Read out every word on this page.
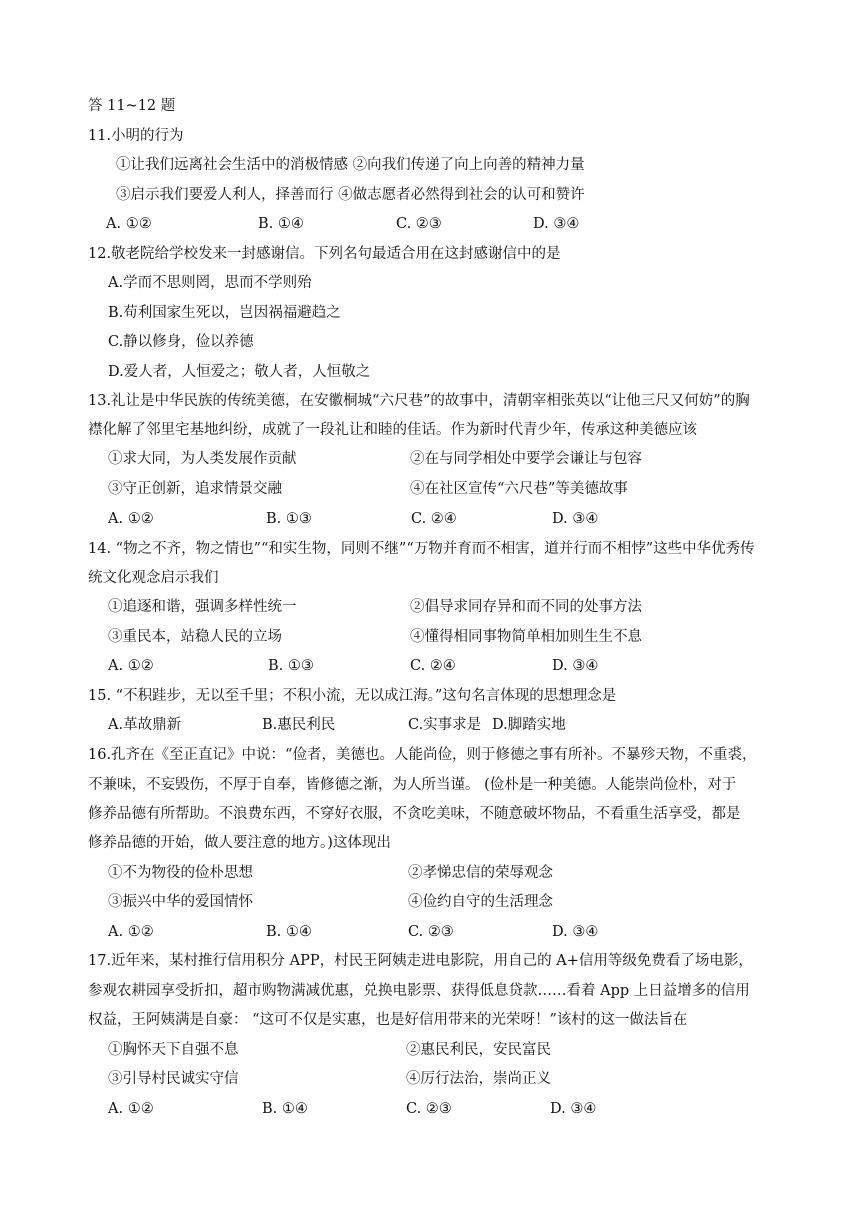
答 11~12 题
11.小明的行为
①让我们远离社会生活中的消极情感 ②向我们传递了向上向善的精神力量
③启示我们要爱人利人，择善而行 ④做志愿者必然得到社会的认可和赞许
A. ①②	B. ①④	C. ②③	D. ③④
12.敬老院给学校发来一封感谢信。下列名句最适合用在这封感谢信中的是
A.学而不思则罔，思而不学则殆
B.苟利国家生死以，岂因祸福避趋之
C.静以修身，俭以养德
D.爱人者，人恒爱之；敬人者，人恒敬之
13.礼让是中华民族的传统美德，在安徽桐城“六尺巷”的故事中，清朝宰相张英以“让他三尺又何妨”的胸
襟化解了邻里宅基地纠纷，成就了一段礼让和睦的佳话。作为新时代青少年，传承这种美德应该
①求大同，为人类发展作贡献	②在与同学相处中要学会谦让与包容
③守正创新，追求情景交融	④在社区宣传“六尺巷”等美德故事
A. ①②	B. ①③	C. ②④	D. ③④
14. “物之不齐，物之情也”“和实生物，同则不继”“万物并育而不相害，道并行而不相悖”这些中华优秀传
统文化观念启示我们
①追逐和谐，强调多样性统一	②倡导求同存异和而不同的处事方法
③重民本，站稳人民的立场	④懂得相同事物简单相加则生生不息
A. ①②	B. ①③	C. ②④	D. ③④
15. “不积跬步，无以至千里；不积小流，无以成江海。”这句名言体现的思想理念是
A.革故鼎新	B.惠民利民	C.实事求是 D.脚踏实地
16.孔齐在《至正直记》中说：“俭者，美德也。人能尚俭，则于修德之事有所补。不暴殄天物，不重裘，
不兼味，不妄毁伤，不厚于自奉，皆修德之渐，为人所当谨。 (俭朴是一种美德。人能崇尚俭朴，对于
修养品德有所帮助。不浪费东西，不穿好衣服，不贪吃美味，不随意破坏物品，不看重生活享受，都是
修养品德的开始，做人要注意的地方。)这体现出
①不为物役的俭朴思想	②孝悌忠信的荣辱观念
③振兴中华的爱国情怀	④俭约自守的生活理念
A. ①②	B. ①④	C. ②③	D. ③④
17.近年来，某村推行信用积分 APP，村民王阿姨走进电影院，用自己的 A+信用等级免费看了场电影，
参观农耕园享受折扣，超市购物满减优惠，兑换电影票、获得低息贷款……看着 App 上日益增多的信用
权益，王阿姨满是自豪： “这可不仅是实惠，也是好信用带来的光荣呀！”该村的这一做法旨在
①胸怀天下自强不息	②惠民利民，安民富民
③引导村民诚实守信	④厉行法治，崇尚正义
A. ①②	B. ①④	C. ②③	D. ③④
